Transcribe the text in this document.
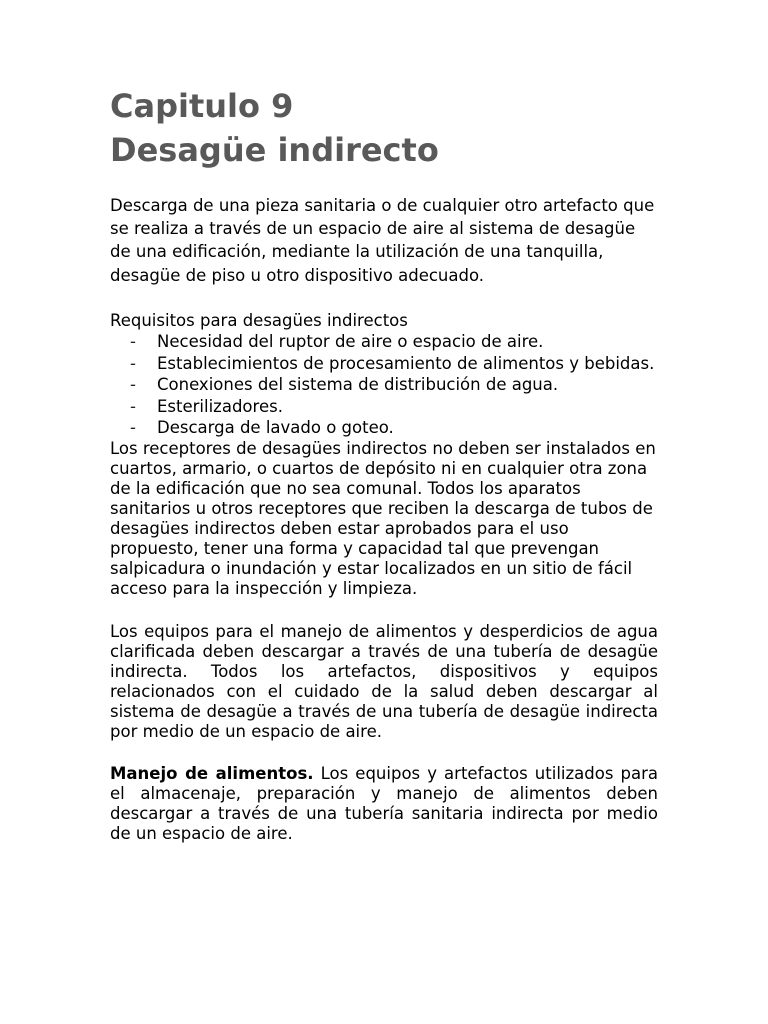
Capitulo 9
Desagüe indirecto

Descarga de una pieza sanitaria o de cualquier otro artefacto que se realiza a través de un espacio de aire al sistema de desagüe de una edificación, mediante la utilización de una tanquilla, desagüe de piso u otro dispositivo adecuado.

Requisitos para desagües indirectos

- Necesidad del ruptor de aire o espacio de aire.
- Establecimientos de procesamiento de alimentos y bebidas.
- Conexiones del sistema de distribución de agua.
- Esterilizadores.
- Descarga de lavado o goteo.

Los receptores de desagües indirectos no deben ser instalados en cuartos, armario, o cuartos de depósito ni en cualquier otra zona de la edificación que no sea comunal. Todos los aparatos sanitarios u otros receptores que reciben la descarga de tubos de desagües indirectos deben estar aprobados para el uso propuesto, tener una forma y capacidad tal que prevengan salpicadura o inundación y estar localizados en un sitio de fácil acceso para la inspección y limpieza.

Los equipos para el manejo de alimentos y desperdicios de agua clarificada deben descargar a través de una tubería de desagüe indirecta. Todos los artefactos, dispositivos y equipos relacionados con el cuidado de la salud deben descargar al sistema de desagüe a través de una tubería de desagüe indirecta por medio de un espacio de aire.

Manejo de alimentos. Los equipos y artefactos utilizados para el almacenaje, preparación y manejo de alimentos deben descargar a través de una tubería sanitaria indirecta por medio de un espacio de aire.
